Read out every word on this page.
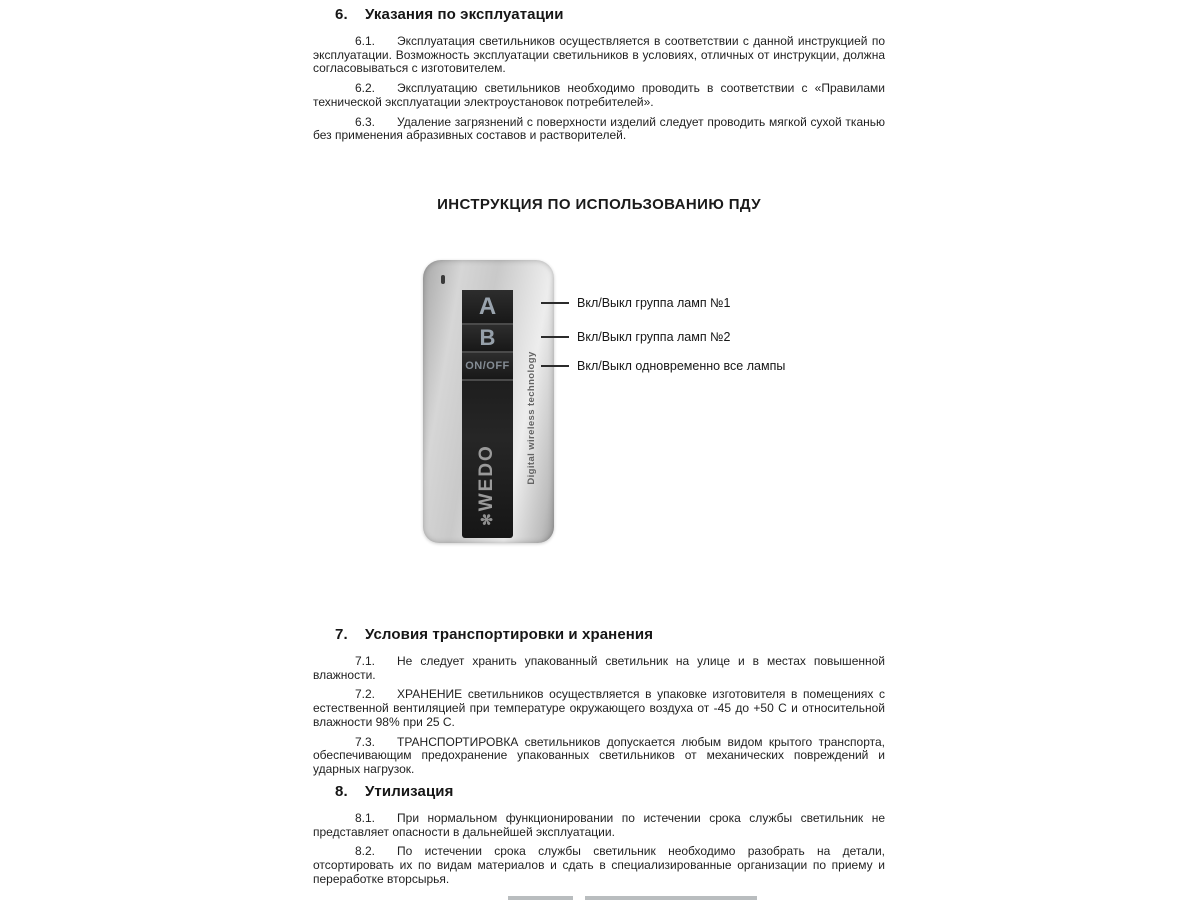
6. Указания по эксплуатации

6.1. Эксплуатация светильников осуществляется в соответствии с данной инструкцией по эксплуатации. Возможность эксплуатации светильников в условиях, отличных от инструкции, должна согласовываться с изготовителем.

6.2. Эксплуатацию светильников необходимо проводить в соответствии с «Правилами технической эксплуатации электроустановок потребителей».

6.3. Удаление загрязнений с поверхности изделий следует проводить мягкой сухой тканью без применения абразивных составов и растворителей.

ИНСТРУКЦИЯ ПО ИСПОЛЬЗОВАНИЮ ПДУ
A
B
ON/OFF
✻ WEDO	Digital wireless technology
Вкл/Выкл группа ламп №1
Вкл/Выкл группа ламп №2
Вкл/Выкл одновременно все лампы
7. Условия транспортировки и хранения

7.1. Не следует хранить упакованный светильник на улице и в местах повышенной влажности.

7.2. ХРАНЕНИЕ светильников осуществляется в упаковке изготовителя в помещениях с естественной вентиляцией при температуре окружающего воздуха от -45 до +50 С и относительной влажности 98% при 25 С.

7.3. ТРАНСПОРТИРОВКА светильников допускается любым видом крытого транспорта, обеспечивающим предохранение упакованных светильников от механических повреждений и ударных нагрузок.

8. Утилизация

8.1. При нормальном функционировании по истечении срока службы светильник не представляет опасности в дальнейшей эксплуатации.

8.2. По истечении срока службы светильник необходимо разобрать на детали, отсортировать их по видам материалов и сдать в специализированные организации по приему и переработке вторсырья.
